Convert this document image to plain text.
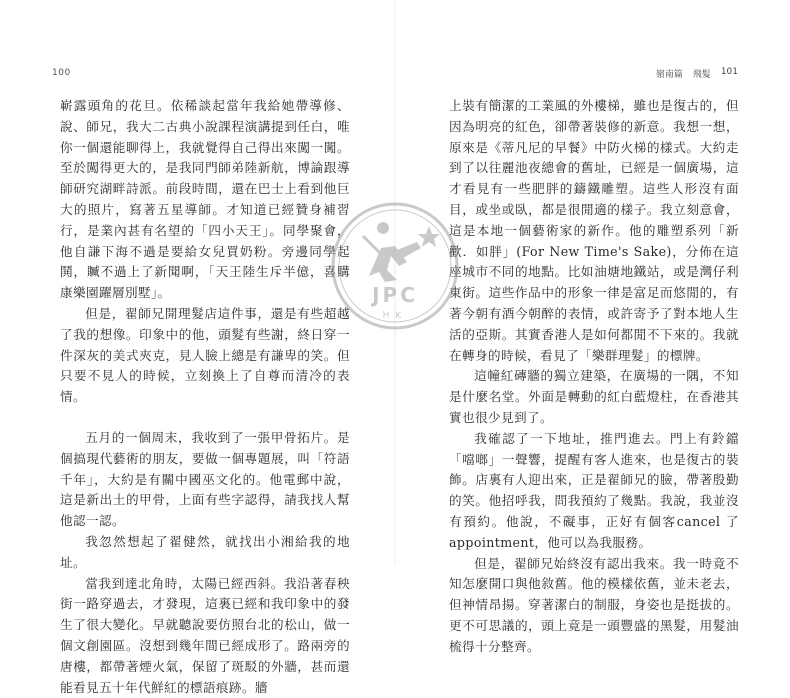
100

嶄露頭角的花旦。依稀談起當年我給她帶導修、說、師兄，我大二古典小說課程演講提到任白，唯你一個還能聊得上，我就覺得自己得出來闖一闖。至於闖得更大的，是我同門師弟陸新航，博論跟導師研究湖畔詩派。前段時間，還在巴士上看到他巨大的照片，寫著五星導師。才知道已經贊身補習行，是業內甚有名望的「四小天王」。同學聚會，他自謙下海不過是要給女兒買奶粉。旁邊同學起鬨，贓不過上了新聞啊，「天王陸生斥半億，喜購康樂園躍層別墅」。

但是，翟師兄開理髮店這件事，還是有些超越了我的想像。印象中的他，頭髮有些謝，終日穿一件深灰的美式夾克，見人臉上總是有謙卑的笑。但只要不見人的時候，立刻換上了自尊而清冷的表情。

五月的一個周末，我收到了一張甲骨拓片。是個搞現代藝術的朋友，要做一個專題展，叫「符語千年」，大約是有關中國巫文化的。他電郵中說，這是新出土的甲骨，上面有些字認得，請我找人幫他認一認。

我忽然想起了翟健然，就找出小湘給我的地址。

當我到達北角時，太陽已經西斜。我沿著春秧街一路穿過去，才發現，這裏已經和我印象中的發生了很大變化。早就聽說要仿照台北的松山，做一個文創園區。沒想到幾年間已經成形了。路兩旁的唐樓，都帶著煙火氣，保留了斑駁的外牆，甚而還能看見五十年代鮮紅的標語痕跡。牆

嶺南篇 飛髮 101

上裝有簡潔的工業風的外樓梯，雖也是復古的，但因為明亮的紅色，卻帶著裝修的新意。我想一想，原來是《蒂凡尼的早餐》中防火梯的樣式。大約走到了以往麗池夜總會的舊址，已經是一個廣場，這才看見有一些肥胖的鑄鐵雕塑。這些人形沒有面目，或坐或臥，都是很閒適的樣子。我立刻意會，這是本地一個藝術家的新作。他的雕塑系列「新歡．如胖」(For New Time's Sake)，分佈在這座城市不同的地點。比如油塘地鐵站，或是灣仔利東街。這些作品中的形象一律是富足而悠閒的，有著今朝有酒今朝醉的表情，或許寄予了對本地人生活的亞斯。其實香港人是如何都閒不下來的。我就在轉身的時候，看見了「樂群理髮」的標牌。

這幢紅磚牆的獨立建築，在廣場的一隅，不知是什麼名堂。外面是轉動的紅白藍燈柱，在香港其實也很少見到了。

我確認了一下地址，推門進去。門上有鈴鐺「噹啷」一聲響，提醒有客人進來，也是復古的裝飾。店裏有人迎出來，正是翟師兄的臉，帶著殷勤的笑。他招呼我，問我預約了幾點。我說，我並沒有預約。他說，不礙事，正好有個客cancel 了 appointment，他可以為我服務。

但是，翟師兄始終沒有認出我來。我一時竟不知怎麼開口與他敘舊。他的模樣依舊，並未老去，但神情昂揚。穿著潔白的制服，身姿也是挺拔的。更不可思議的，頭上竟是一頭豐盛的黑髮，用髮油梳得十分整齊。

JPC
HK
